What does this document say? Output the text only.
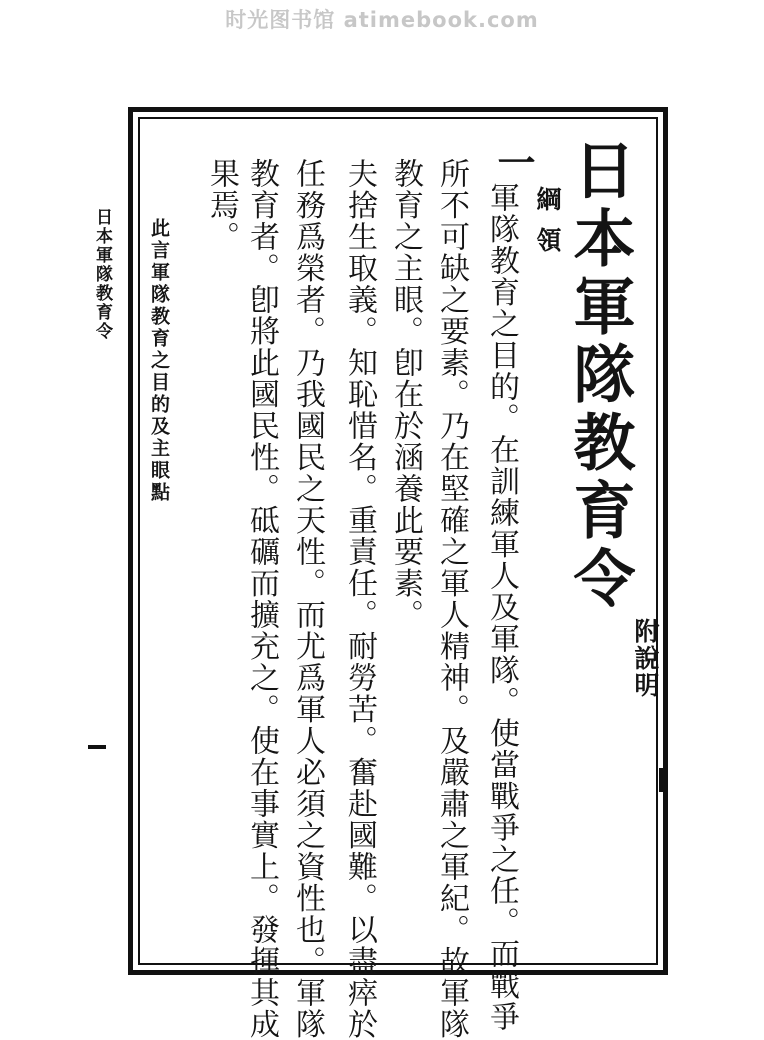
时光图书馆 atimebook.com

日本軍隊教育令

附說明

綱領

一

軍隊教育之目的。在訓練軍人及軍隊。使當戰爭之任。而戰爭

所不可缺之要素。乃在堅確之軍人精神。及嚴肅之軍紀。故軍隊

教育之主眼。卽在於涵養此要素。

夫捨生取義。知恥惜名。重責任。耐勞苦。奮赴國難。以盡瘁於

任務爲榮者。乃我國民之天性。而尤爲軍人必須之資性也。軍隊

教育者。卽將此國民性。砥礪而擴充之。使在事實上。發揮其成

果焉。

此言軍隊教育之目的及主眼點

日本軍隊教育令
